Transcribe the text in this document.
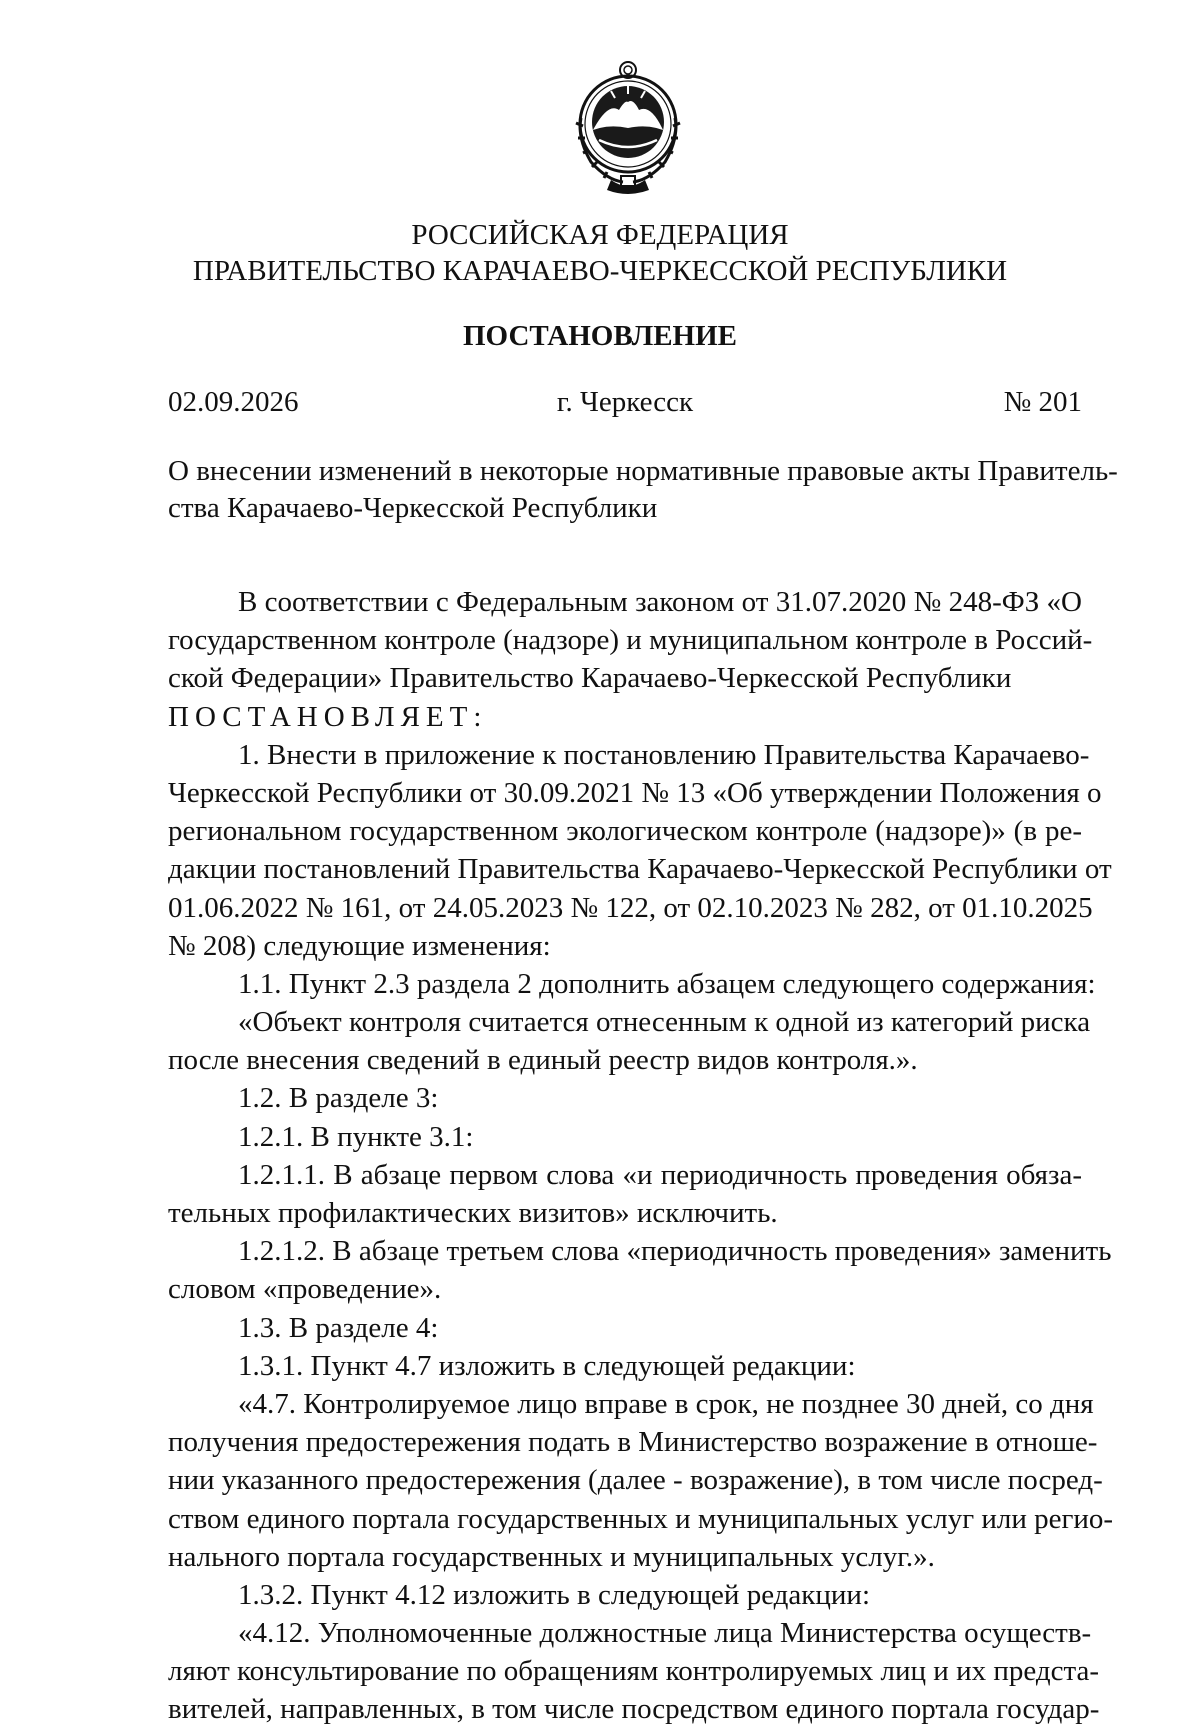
РОССИЙСКАЯ ФЕДЕРАЦИЯ
ПРАВИТЕЛЬСТВО КАРАЧАЕВО-ЧЕРКЕССКОЙ РЕСПУБЛИКИ
ПОСТАНОВЛЕНИЕ
02.09.2026	г. Черкесск	№ 201
О внесении изменений в некоторые нормативные правовые акты Правитель-
ства Карачаево-Черкесской Республики
В соответствии с Федеральным законом от 31.07.2020 № 248-ФЗ «О
государственном контроле (надзоре) и муниципальном контроле в Россий-
ской Федерации» Правительство Карачаево-Черкесской Республики
ПОСТАНОВЛЯЕТ:
1. Внести в приложение к постановлению Правительства Карачаево-
Черкесской Республики от 30.09.2021 № 13 «Об утверждении Положения о
региональном государственном экологическом контроле (надзоре)» (в ре-
дакции постановлений Правительства Карачаево-Черкесской Республики от
01.06.2022 № 161, от 24.05.2023 № 122, от 02.10.2023 № 282, от 01.10.2025
№ 208) следующие изменения:
1.1. Пункт 2.3 раздела 2 дополнить абзацем следующего содержания:
«Объект контроля считается отнесенным к одной из категорий риска
после внесения сведений в единый реестр видов контроля.».
1.2. В разделе 3:
1.2.1. В пункте 3.1:
1.2.1.1. В абзаце первом слова «и периодичность проведения обяза-
тельных профилактических визитов» исключить.
1.2.1.2. В абзаце третьем слова «периодичность проведения» заменить
словом «проведение».
1.3. В разделе 4:
1.3.1. Пункт 4.7 изложить в следующей редакции:
«4.7. Контролируемое лицо вправе в срок, не позднее 30 дней, со дня
получения предостережения подать в Министерство возражение в отноше-
нии указанного предостережения (далее - возражение), в том числе посред-
ством единого портала государственных и муниципальных услуг или регио-
нального портала государственных и муниципальных услуг.».
1.3.2. Пункт 4.12 изложить в следующей редакции:
«4.12. Уполномоченные должностные лица Министерства осуществ-
ляют консультирование по обращениям контролируемых лиц и их предста-
вителей, направленных, в том числе посредством единого портала государ-
